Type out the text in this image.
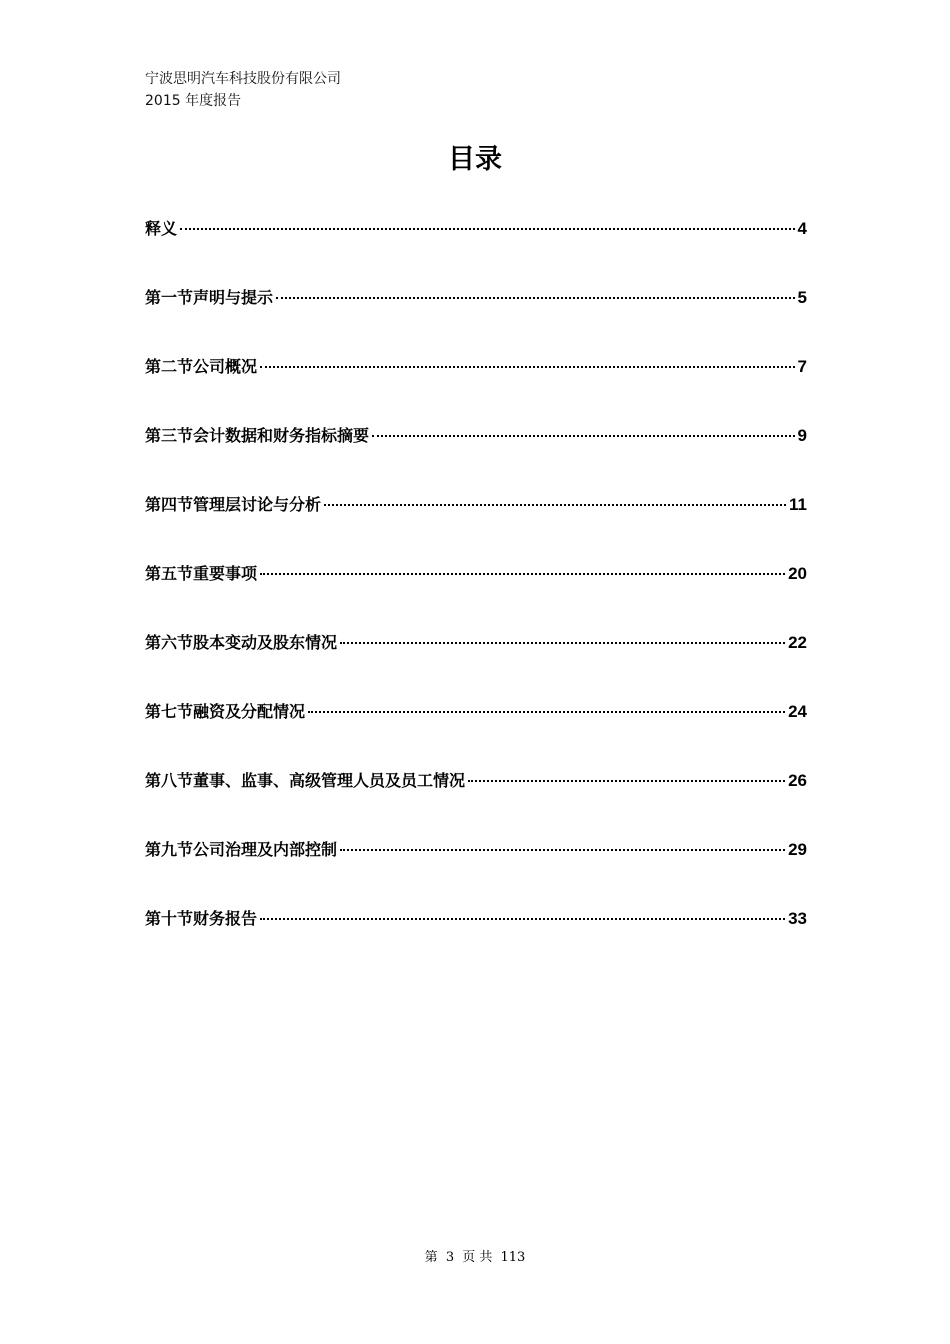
宁波思明汽车科技股份有限公司
2015 年度报告
目录
释义	4
第一节声明与提示	5
第二节公司概况	7
第三节会计数据和财务指标摘要	9
第四节管理层讨论与分析	11
第五节重要事项	20
第六节股本变动及股东情况	22
第七节融资及分配情况	24
第八节董事、监事、高级管理人员及员工情况	26
第九节公司治理及内部控制	29
第十节财务报告	33
第 3 页 共 113
